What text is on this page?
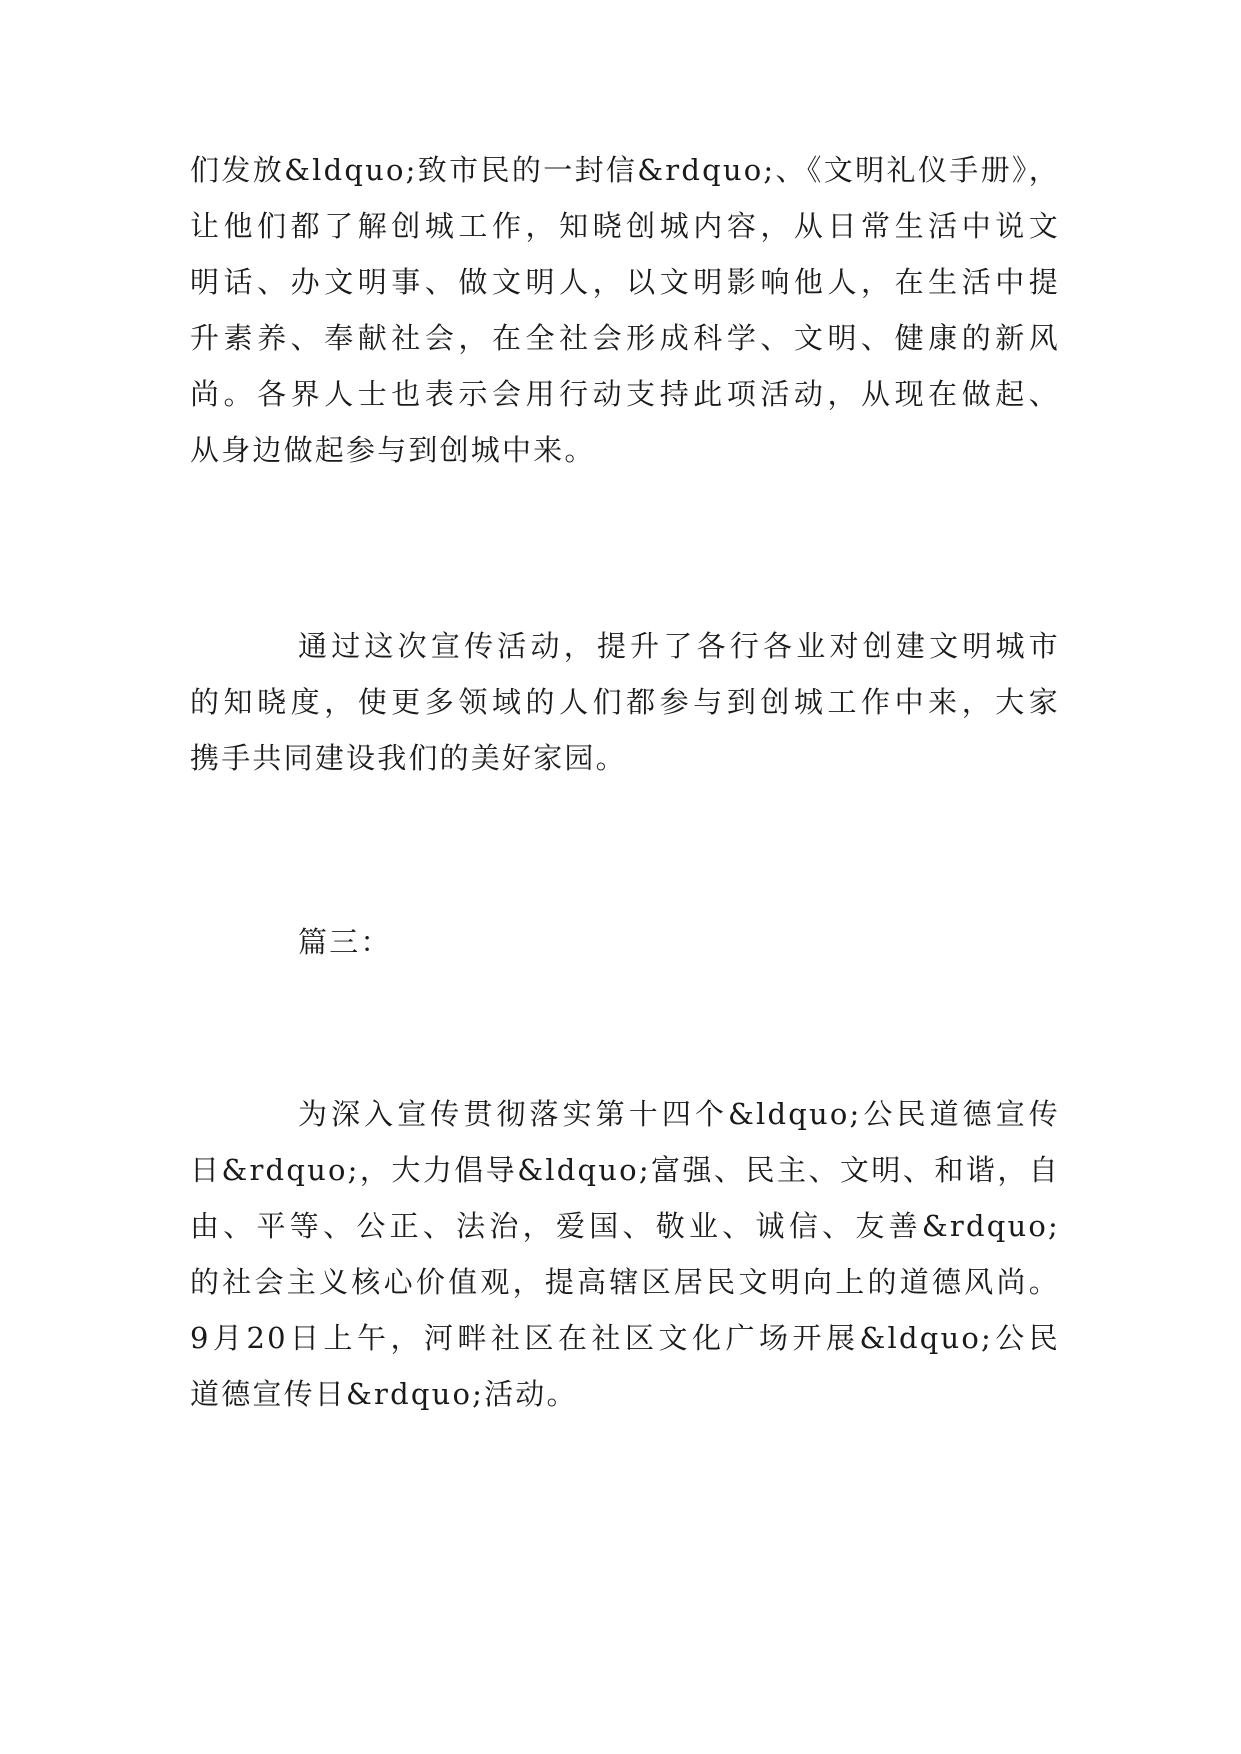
们发放&ldquo;致市民的一封信&rdquo;、《文明礼仪手册》，
让他们都了解创城工作，知晓创城内容，从日常生活中说文
明话、办文明事、做文明人，以文明影响他人，在生活中提
升素养、奉献社会，在全社会形成科学、文明、健康的新风
尚。各界人士也表示会用行动支持此项活动，从现在做起、
从身边做起参与到创城中来。
通过这次宣传活动，提升了各行各业对创建文明城市
的知晓度，使更多领域的人们都参与到创城工作中来，大家
携手共同建设我们的美好家园。
篇三：
为深入宣传贯彻落实第十四个&ldquo;公民道德宣传
日&rdquo;，大力倡导&ldquo;富强、民主、文明、和谐，自
由、平等、公正、法治，爱国、敬业、诚信、友善&rdquo;
的社会主义核心价值观，提高辖区居民文明向上的道德风尚。
9月20日上午，河畔社区在社区文化广场开展&ldquo;公民
道德宣传日&rdquo;活动。
